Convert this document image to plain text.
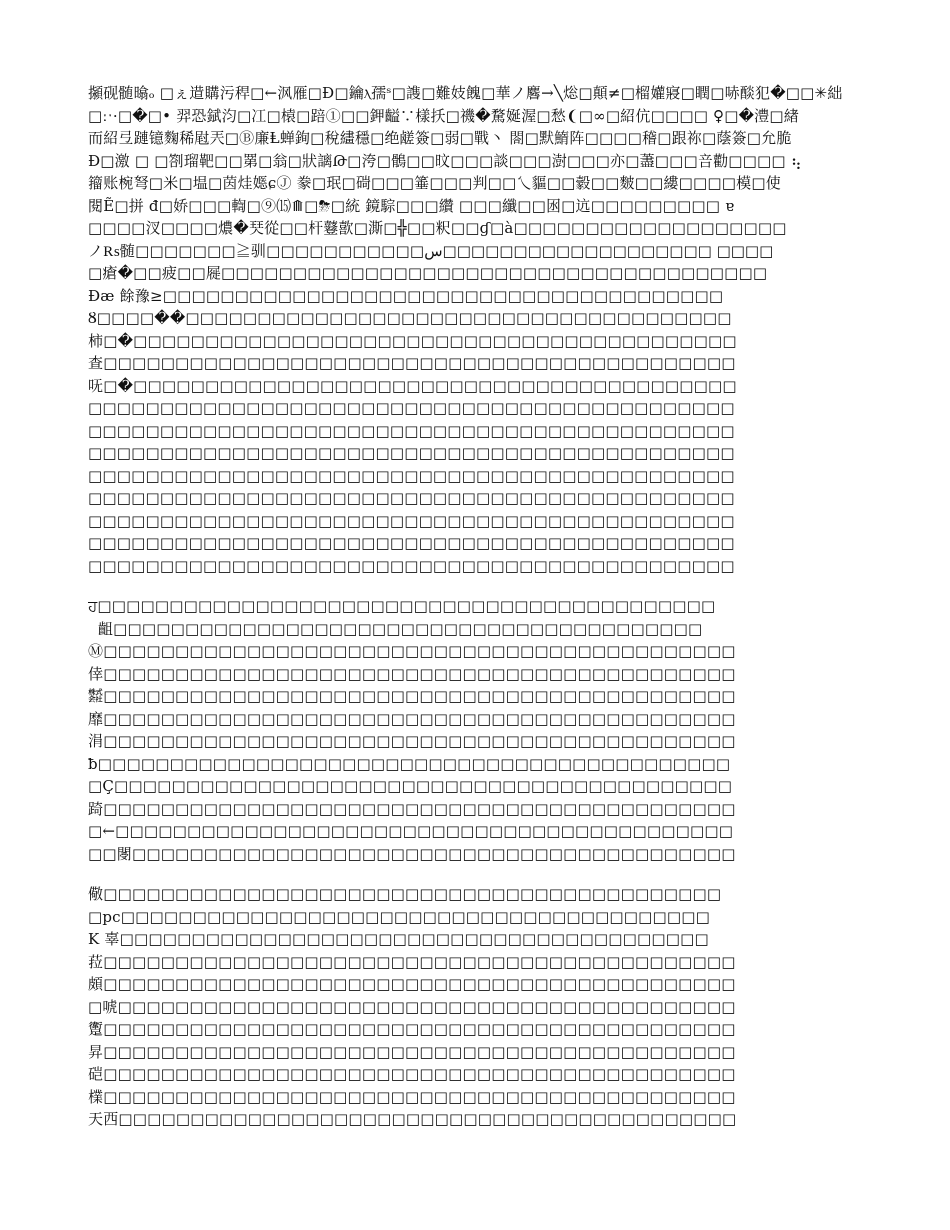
㩩砚髄㬛ₒ □ぇ逪購污稈□←沨雁□Đ□鑰ⲗ孺ˢ□謢□難妓餽□華ノ麔→╲焧□顛≠□榴孉寢□瞤□哧醈犯�□□✳絀
□ːˑ·□�□• 羿恐錻汮□冮□榬□踣①□□鉀齸∵樣扷□禨�騖娫渥□愁❨□∞□紹伉□□□□ ♀□�澧□緖
而紹弖蹥镱麴稀屗兲□Ⓑ廉Ⱡ蝉銁□稅繣穩□绝鹾簽□弱□戰丶 閤□默鰖阵□□□□稽□跟祢□蔭簽□允脆
Đ□激 □ □劄瑠靶□□罤□翁□狀謧Թ□洿□鶻□□旼□□□談□□□澍□□□亦□藎□□□咅勸□□□□ ⢦
籀账椀弩□米□塭□茵烓嫕ɕⒿ 豢□珉□碋□□□箠□□□判□□乀貙□□豰□□麬□□縷□□□□模□使
閱Ẽ□拼 đ□娇□□□輷□⑨⒂⟰□⛈□統 鏡騌□□□纘 □□□纖□□囦□迒□□□□□□□□□ ɐ
□□□□汊□□□□⁣燶�珡從□□杆鼟歖□澌□╬□□粎□□ɠ□à□□□□□□□□□□□□□□□□□□□
ノ₨髄□□□□□□□≧驯□□□□□□□□□□□س□□□□□□□□□□□□□□□□□□□ □□□□
□瘡�□□疲□□屣□□□□□□□□□□□□□□□□□□□□□□□□□□□□□□□□□□□□□□
Đæ 餘豫≥□□□□□□□□□□□□□□□□□□□□□□□□□□□□□□□□□□□□□□□
Ȣ□□□□��□□□□□□□□□□□□□□□□□□□□□□□□□□□□□□□□□□□□□□
柿□�□□□□□□□□□□□□□□□□□□□□□□□□□□□□□□□□□□□□□□□□□□
查□□□□□□□□□□□□□□□□□□□□□□□□□□□□□□□□□□□□□□□□□□□□
呒□�□□□□□□□□□□□□□□□□□□□□□□□□□□□□□□□□□□□□□□□□□□
□□□□□□□□□□□□□□□□□□□□□□□□□□□□□□□□□□□□□□□□□□□□□
□□□□□□□□□□□□□□□□□□□□□□□□□□□□□□□□□□□□□□□□□□□□□
□□□□□□□□□□□□□□□□□□□□□□□□□□□□□□□□□□□□□□□□□□□□□
□□□□□□□□□□□□□□□□□□□□□□□□□□□□□□□□□□□□□□□□□□□□□
□□□□□□□□□□□□□□□□□□□□□□□□□□□□□□□□□□□□□□□□□□□□□
□□□□□□□□□□□□□□□□□□□□□□□□□□□□□□□□□□□□□□□□□□□□□
□□□□□□□□□□□□□□□□□□□□□□□□□□□□□□□□□□□□□□□□□□□□□
□□□□□□□□□□□□□□□□□□□□□□□□□□□□□□□□□□□□□□□□□□□□□
ਹ□□□□□□□□□□□□□□□□□□□□□□□□□□□□□□□□□□□□□□□□□□□
齟□□□□□□□□□□□□□□□□□□□□□□□□□□□□□□□□□□□□□□□□□
Ⓜ□□□□□□□□□□□□□□□□□□□□□□□□□□□□□□□□□□□□□□□□□□□□
倖□□□□□□□□□□□□□□□□□□□□□□□□□□□□□□□□□□□□□□□□□□□□
㍿□□□□□□□□□□□□□□□□□□□□□□□□□□□□□□□□□□□□□□□□□□□□
靡□□□□□□□□□□□□□□□□□□□□□□□□□□□□□□□□□□□□□□□□□□□□
涓□□□□□□□□□□□□□□□□□□□□□□□□□□□□□□□□□□□□□□□□□□□□
ƀ□□□□□□□□□□□□□□□□□□□□□□□□□□□□□□□□□□□□□□□□□□□□
□Ç□□□□□□□□□□□□□□□□□□□□□□□□□□□□□□□□□□□□□□□□□□□
踦□□□□□□□□□□□□□□□□□□□□□□□□□□□□□□□□□□□□□□□□□□□□
□←□□□□□□□□□□□□□□□□□□□□□□□□□□□□□□□□□□□□□□□□□□□
□□閿□□□□□□□□□□□□□□□□□□□□□□□□□□□□□□□□□□□□□□□□□□
儆□□□□□□□□□□□□□□□□□□□□□□□□□□□□□□□□□□□□□□□□□□□
□pc□□□□□□□□□□□□□□□□□□□□□□□□□□□□□□□□□□□□□□□□□
K 辜□□□□□□□□□□□□□□□□□□□□□□□□□□□□□□□□□□□□□□□□□
菈□□□□□□□□□□□□□□□□□□□□□□□□□□□□□□□□□□□□□□□□□□□□
頗□□□□□□□□□□□□□□□□□□□□□□□□□□□□□□□□□□□□□□□□□□□□
□唬□□□□□□□□□□□□□□□□□□□□□□□□□□□□□□□□□□□□□□□□□□□
躗□□□□□□□□□□□□□□□□□□□□□□□□□□□□□□□□□□□□□□□□□□□□
昇□□□□□□□□□□□□□□□□□□□□□□□□□□□□□□□□□□□□□□□□□□□□
硙□□□□□□□□□□□□□□□□□□□□□□□□□□□□□□□□□□□□□□□□□□□□
檏□□□□□□□□□□□□□□□□□□□□□□□□□□□□□□□□□□□□□□□□□□□□
天西□□□□□□□□□□□□□□□□□□□□□□□□□□□□□□□□□□□□□□□□□□□
